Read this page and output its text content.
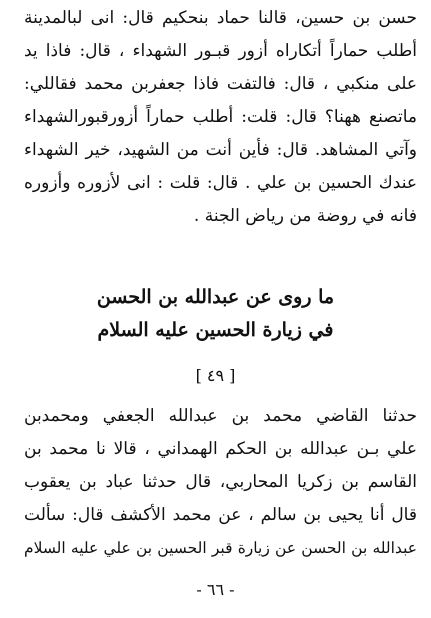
حسن بن حسين، قالنا حماد بنحكيم قال: انى لبالمدينة
أطلب حماراً أتكاراه أزور قبـور الشهداء ، قال: فاذا يد
على منكبي ، قال: فالتفت فاذا جعفربن محمد فقاللي:
ماتصنع ههنا؟ قال: قلت: أطلب حماراً أزورقبورالشهداء
وآتي المشاهد. قال: فأين أنت من الشهيد، خير الشهداء
عندك الحسين بن علي . قال: قلت : انى لأزوره وأزوره
فانه في روضة من رياض الجنة .
ما روى عن عبدالله بن الحسن
في زيارة الحسين عليه السلام
[ ٤٩ ]
حدثنا القاضي محمد بن عبدالله الجعفي ومحمدبن
علي بـن عبدالله بن الحكم الهمداني ، قالا نا محمد بن
القاسم بن زكريا المحاربي، قال حدثنا عباد بن يعقوب
قال أنا يحيى بن سالم ، عن محمد الأكشف قال: سألت
عبدالله بن الحسن عن زيارة قبر الحسين بن علي عليه السلام
- ٦٦ -
